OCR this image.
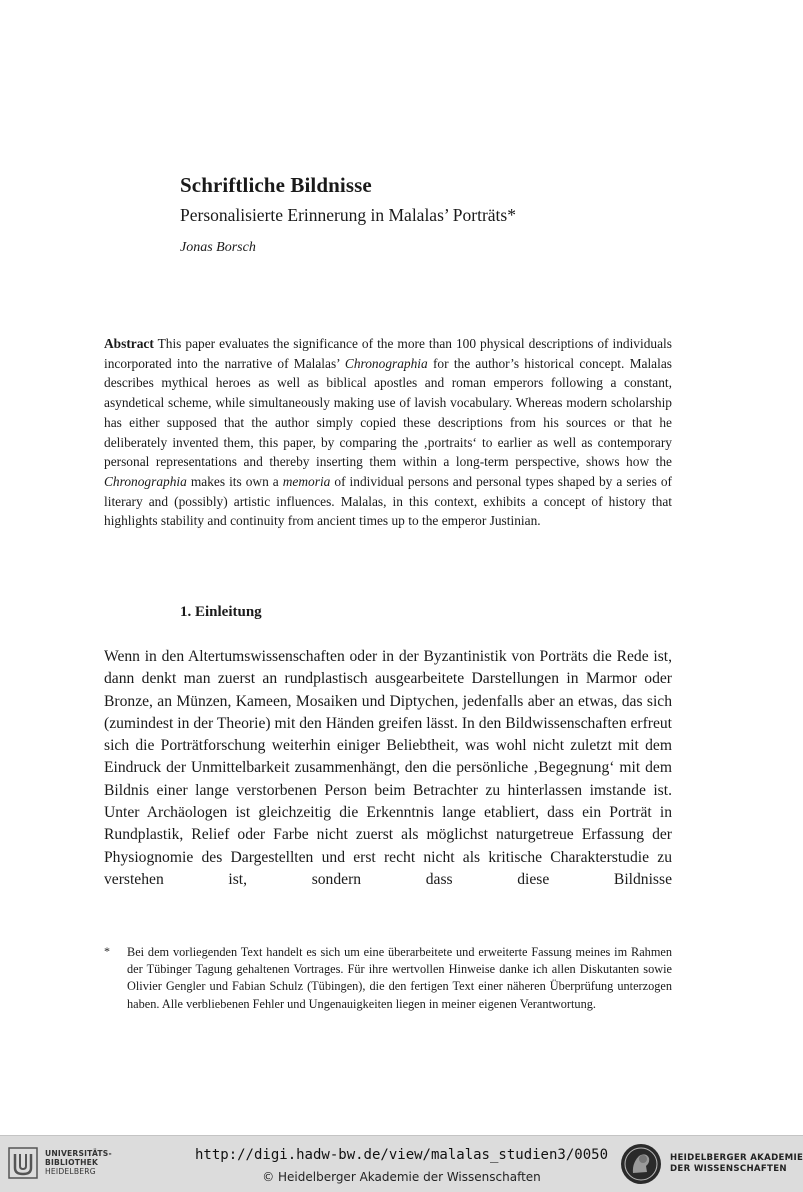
Schriftliche Bildnisse
Personalisierte Erinnerung in Malalas’ Porträts*
Jonas Borsch
Abstract This paper evaluates the significance of the more than 100 physical descriptions of individuals incorporated into the narrative of Malalas’ Chronographia for the author’s historical concept. Malalas describes mythical heroes as well as biblical apostles and roman emperors following a constant, asyndetical scheme, while simultaneously making use of lavish vocabulary. Whereas modern scholarship has either supposed that the author simply copied these descriptions from his sources or that he deliberately invented them, this paper, by comparing the ‚portraits‘ to earlier as well as contemporary personal representations and thereby inserting them within a long-term perspective, shows how the Chronographia makes its own a memoria of individual persons and personal types shaped by a series of literary and (possibly) artistic influences. Malalas, in this context, exhibits a concept of history that highlights stability and continuity from ancient times up to the emperor Justinian.
1. Einleitung
Wenn in den Altertumswissenschaften oder in der Byzantinistik von Porträts die Rede ist, dann denkt man zuerst an rundplastisch ausgearbeitete Darstellungen in Marmor oder Bronze, an Münzen, Kameen, Mosaiken und Diptychen, jedenfalls aber an etwas, das sich (zumindest in der Theorie) mit den Händen greifen lässt. In den Bildwissenschaften erfreut sich die Porträtforschung weiterhin einiger Beliebtheit, was wohl nicht zuletzt mit dem Eindruck der Unmittelbarkeit zusammenhängt, den die persönliche ‚Begegnung‘ mit dem Bildnis einer lange verstorbenen Person beim Betrachter zu hinterlassen imstande ist. Unter Archäologen ist gleichzeitig die Erkenntnis lange etabliert, dass ein Porträt in Rundplastik, Relief oder Farbe nicht zuerst als möglichst naturgetreue Erfassung der Physiognomie des Dargestellten und erst recht nicht als kritische Charakterstudie zu verstehen ist, sondern dass diese Bildnisse
* Bei dem vorliegenden Text handelt es sich um eine überarbeitete und erweiterte Fassung meines im Rahmen der Tübinger Tagung gehaltenen Vortrages. Für ihre wertvollen Hinweise danke ich allen Diskutanten sowie Olivier Gengler und Fabian Schulz (Tübingen), die den fertigen Text einer näheren Überprüfung unterzogen haben. Alle verbliebenen Fehler und Ungenauigkeiten liegen in meiner eigenen Verantwortung.
UNIVERSITÄTS-
BIBLIOTHEK
HEIDELBERG
http://digi.hadw-bw.de/view/malalas_studien3/0050
© Heidelberger Akademie der Wissenschaften
HEIDELBERGER AKADEMIE
DER WISSENSCHAFTEN
